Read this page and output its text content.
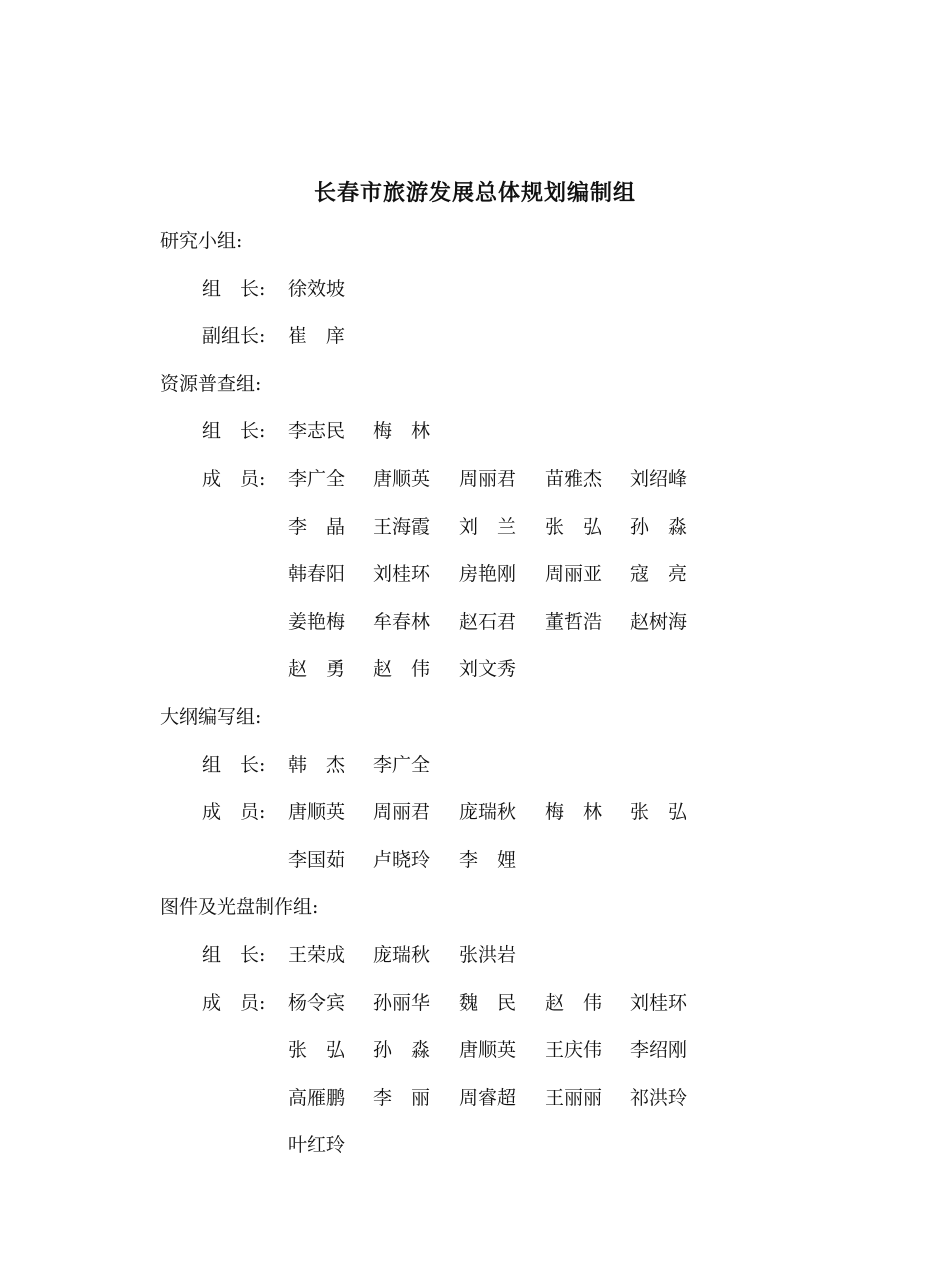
长春市旅游发展总体规划编制组
研究小组:
组　长:	徐效坡
副组长:	崔　庠
资源普查组:
组　长:	李志民	梅　林
成　员:	李广全	唐顺英	周丽君	苗雅杰	刘绍峰
李　晶	王海霞	刘　兰	张　弘	孙　淼
韩春阳	刘桂环	房艳刚	周丽亚	寇　亮
姜艳梅	牟春林	赵石君	董哲浩	赵树海
赵　勇	赵　伟	刘文秀
大纲编写组:
组　长:	韩　杰	李广全
成　员:	唐顺英	周丽君	庞瑞秋	梅　林	张　弘
李国茹	卢晓玲	李　娌
图件及光盘制作组:
组　长:	王荣成	庞瑞秋	张洪岩
成　员:	杨令宾	孙丽华	魏　民	赵　伟	刘桂环
张　弘	孙　淼	唐顺英	王庆伟	李绍刚
高雁鹏	李　丽	周睿超	王丽丽	祁洪玲
叶红玲
